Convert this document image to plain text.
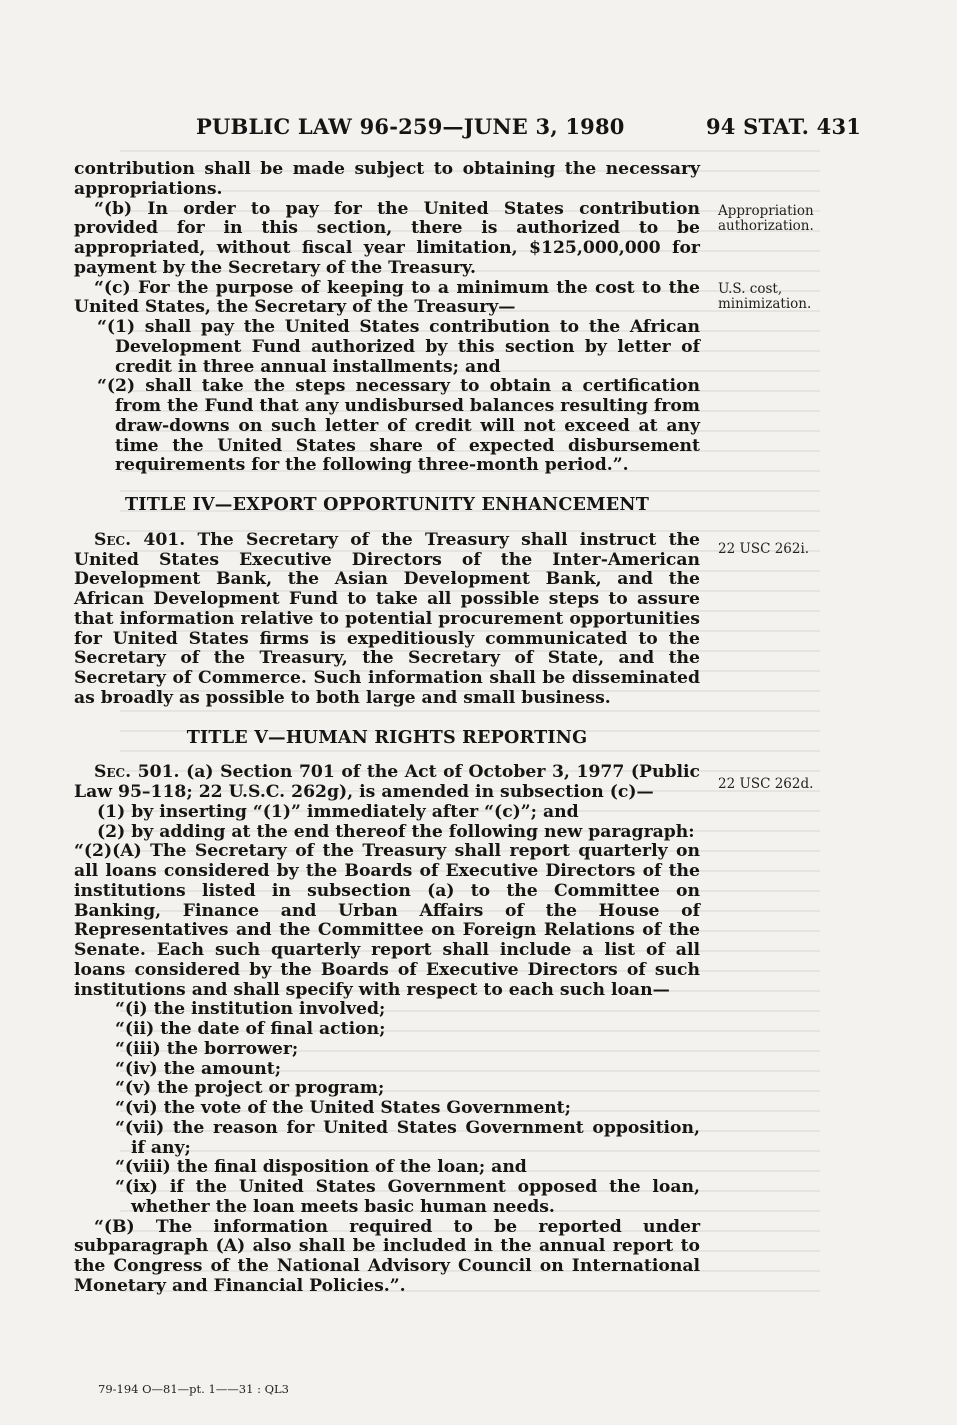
PUBLIC LAW 96-259—JUNE 3, 1980	94 STAT. 431

contribution shall be made subject to obtaining the necessary appropriations.

“(b) In order to pay for the United States contribution provided for in this section, there is authorized to be appropriated, without fiscal year limitation, $125,000,000 for payment by the Secretary of the Treasury.

“(c) For the purpose of keeping to a minimum the cost to the United States, the Secretary of the Treasury—

“(1) shall pay the United States contribution to the African Development Fund authorized by this section by letter of credit in three annual installments; and

“(2) shall take the steps necessary to obtain a certification from the Fund that any undisbursed balances resulting from draw-downs on such letter of credit will not exceed at any time the United States share of expected disbursement requirements for the following three-month period.”.

TITLE IV—EXPORT OPPORTUNITY ENHANCEMENT

Sec. 401. The Secretary of the Treasury shall instruct the United States Executive Directors of the Inter-American Development Bank, the Asian Development Bank, and the African Development Fund to take all possible steps to assure that information relative to potential procurement opportunities for United States firms is expeditiously communicated to the Secretary of the Treasury, the Secretary of State, and the Secretary of Commerce. Such information shall be disseminated as broadly as possible to both large and small business.

TITLE V—HUMAN RIGHTS REPORTING

Sec. 501. (a) Section 701 of the Act of October 3, 1977 (Public Law 95–118; 22 U.S.C. 262g), is amended in subsection (c)—

(1) by inserting “(1)” immediately after “(c)”; and

(2) by adding at the end thereof the following new paragraph:

“(2)(A) The Secretary of the Treasury shall report quarterly on all loans considered by the Boards of Executive Directors of the institutions listed in subsection (a) to the Committee on Banking, Finance and Urban Affairs of the House of Representatives and the Committee on Foreign Relations of the Senate. Each such quarterly report shall include a list of all loans considered by the Boards of Executive Directors of such institutions and shall specify with respect to each such loan—

“(i) the institution involved;

“(ii) the date of final action;

“(iii) the borrower;

“(iv) the amount;

“(v) the project or program;

“(vi) the vote of the United States Government;

“(vii) the reason for United States Government opposition, if any;

“(viii) the final disposition of the loan; and

“(ix) if the United States Government opposed the loan, whether the loan meets basic human needs.

“(B) The information required to be reported under subparagraph (A) also shall be included in the annual report to the Congress of the National Advisory Council on International Monetary and Financial Policies.”.

Appropriation authorization.
U.S. cost, minimization.
22 USC 262i.
22 USC 262d.
79-194 O—81—pt. 1——31 : QL3
